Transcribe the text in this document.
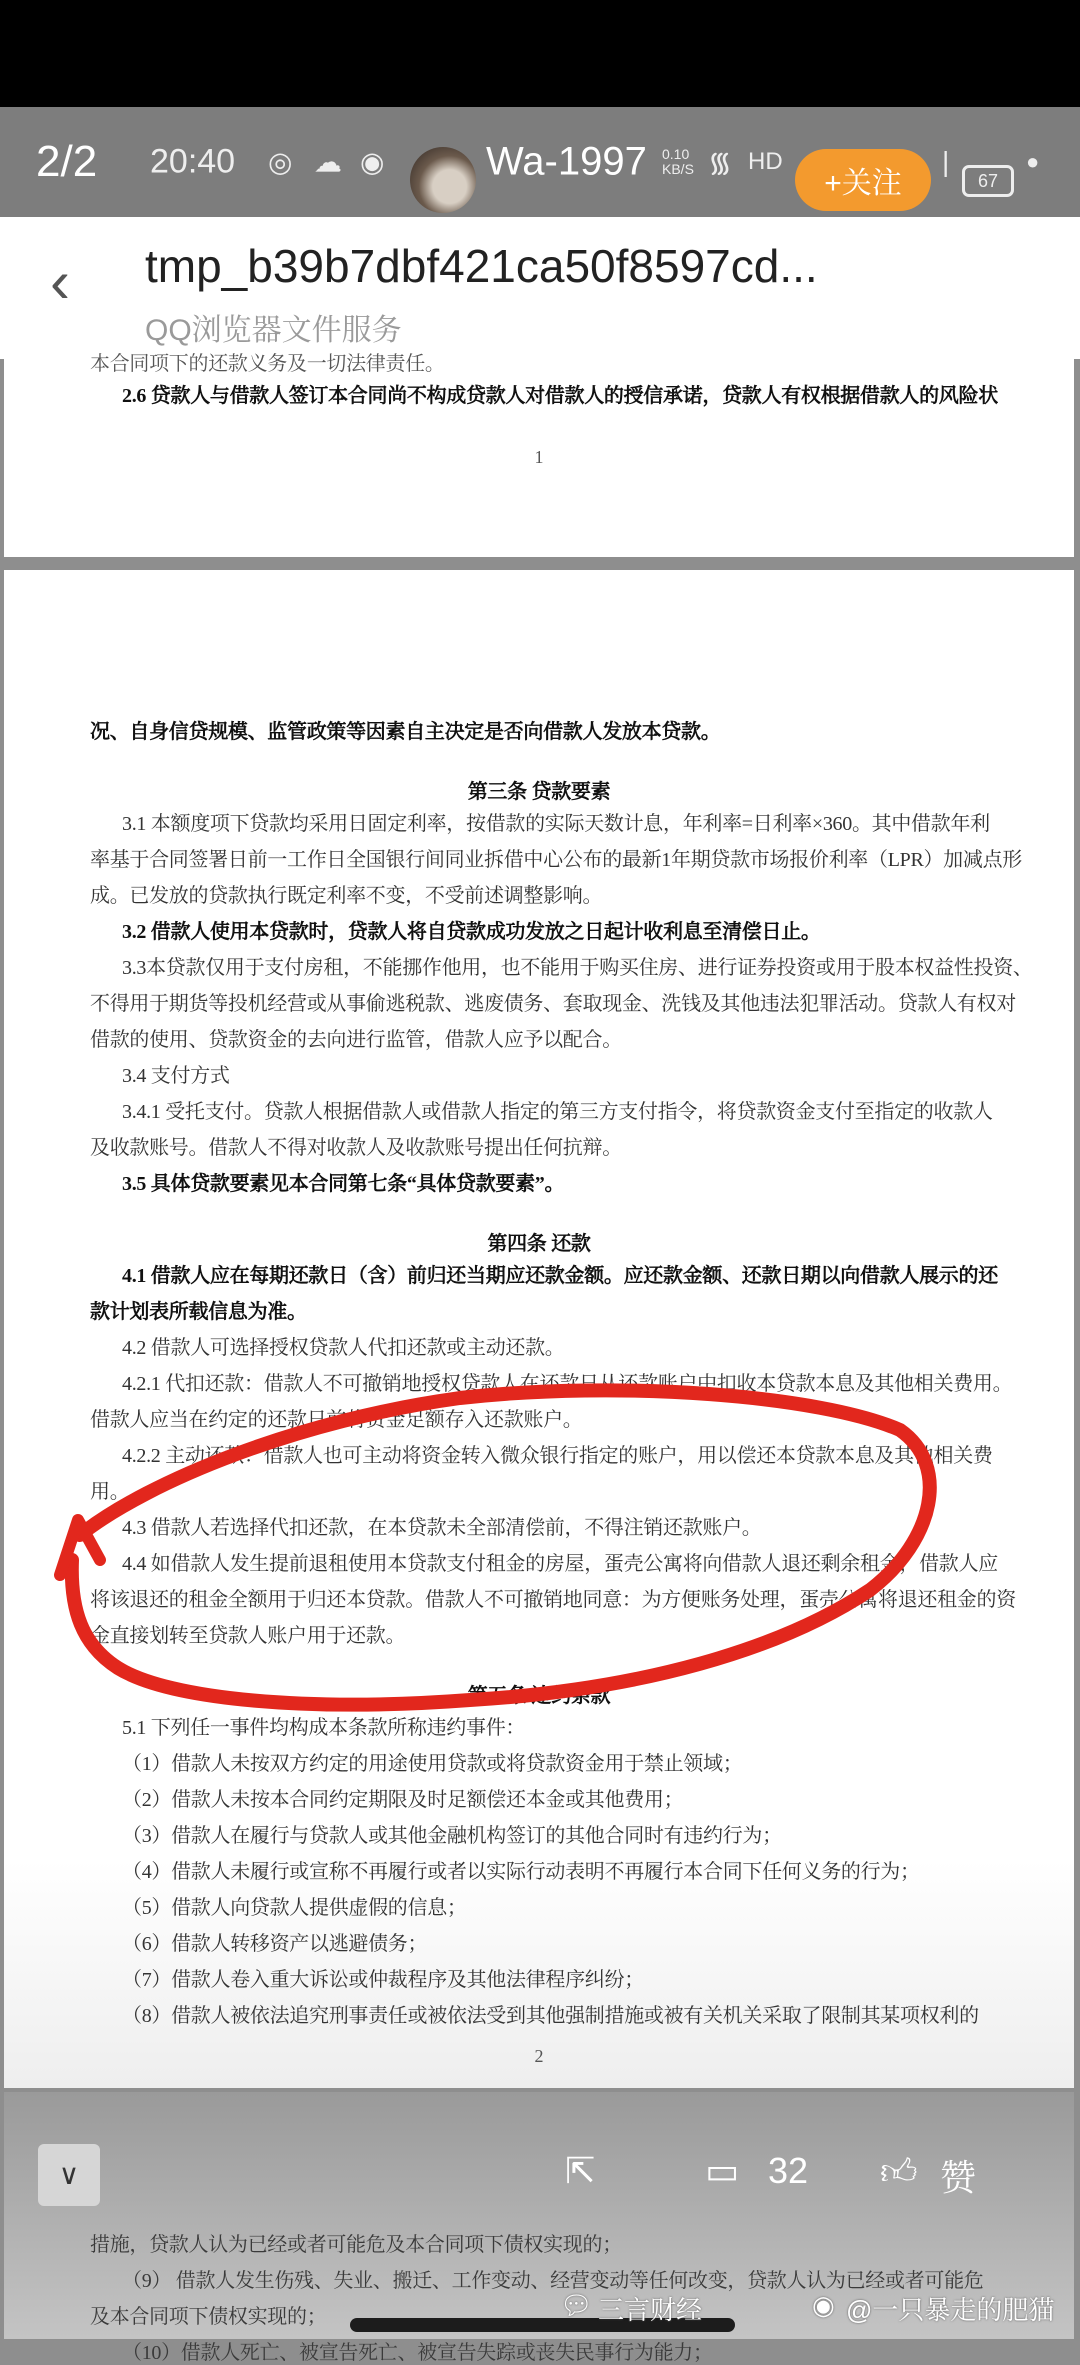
2/2 20:40 ◎ ☁ ◉	Wa-1997 0.10 KB/S ᯾ HD
+关注
|
67
●
‹ tmp_b39b7dbf421ca50f8597cd...
QQ浏览器文件服务
本合同项下的还款义务及一切法律责任。
2.6 贷款人与借款人签订本合同尚不构成贷款人对借款人的授信承诺，贷款人有权根据借款人的风险状
1
况、自身信贷规模、监管政策等因素自主决定是否向借款人发放本贷款。
第三条 贷款要素
3.1 本额度项下贷款均采用日固定利率，按借款的实际天数计息，年利率=日利率×360。其中借款年利
率基于合同签署日前一工作日全国银行间同业拆借中心公布的最新1年期贷款市场报价利率（LPR）加减点形
成。已发放的贷款执行既定利率不变，不受前述调整影响。
3.2 借款人使用本贷款时，贷款人将自贷款成功发放之日起计收利息至清偿日止。
3.3本贷款仅用于支付房租，不能挪作他用，也不能用于购买住房、进行证券投资或用于股本权益性投资、
不得用于期货等投机经营或从事偷逃税款、逃废债务、套取现金、洗钱及其他违法犯罪活动。贷款人有权对
借款的使用、贷款资金的去向进行监管，借款人应予以配合。
3.4 支付方式
3.4.1 受托支付。贷款人根据借款人或借款人指定的第三方支付指令，将贷款资金支付至指定的收款人
及收款账号。借款人不得对收款人及收款账号提出任何抗辩。
3.5 具体贷款要素见本合同第七条“具体贷款要素”。
第四条 还款
4.1 借款人应在每期还款日（含）前归还当期应还款金额。应还款金额、还款日期以向借款人展示的还
款计划表所载信息为准。
4.2 借款人可选择授权贷款人代扣还款或主动还款。
4.2.1 代扣还款：借款人不可撤销地授权贷款人在还款日从还款账户中扣收本贷款本息及其他相关费用。
借款人应当在约定的还款日前将资金足额存入还款账户。
4.2.2 主动还款：借款人也可主动将资金转入微众银行指定的账户，用以偿还本贷款本息及其他相关费
用。
4.3 借款人若选择代扣还款，在本贷款未全部清偿前，不得注销还款账户。
4.4 如借款人发生提前退租使用本贷款支付租金的房屋，蛋壳公寓将向借款人退还剩余租金，借款人应
将该退还的租金全额用于归还本贷款。借款人不可撤销地同意：为方便账务处理，蛋壳公寓将退还租金的资
金直接划转至贷款人账户用于还款。
第五条 违约条款
5.1 下列任一事件均构成本条款所称违约事件：
（1）借款人未按双方约定的用途使用贷款或将贷款资金用于禁止领域；
（2）借款人未按本合同约定期限及时足额偿还本金或其他费用；
（3）借款人在履行与贷款人或其他金融机构签订的其他合同时有违约行为；
（4）借款人未履行或宣称不再履行或者以实际行动表明不再履行本合同下任何义务的行为；
（5）借款人向贷款人提供虚假的信息；
（6）借款人转移资产以逃避债务；
（7）借款人卷入重大诉讼或仲裁程序及其他法律程序纠纷；
（8）借款人被依法追究刑事责任或被依法受到其他强制措施或被有关机关采取了限制其某项权利的
2
措施，贷款人认为已经或者可能危及本合同项下债权实现的；
（9） 借款人发生伤残、失业、搬迁、工作变动、经营变动等任何改变，贷款人认为已经或者可能危
及本合同项下债权实现的；
（10）借款人死亡、被宣告死亡、被宣告失踪或丧失民事行为能力；
∨	⇱	▭ 32 👍︎ 赞
💬︎ 三言财经	◉ @一只暴走的肥猫
